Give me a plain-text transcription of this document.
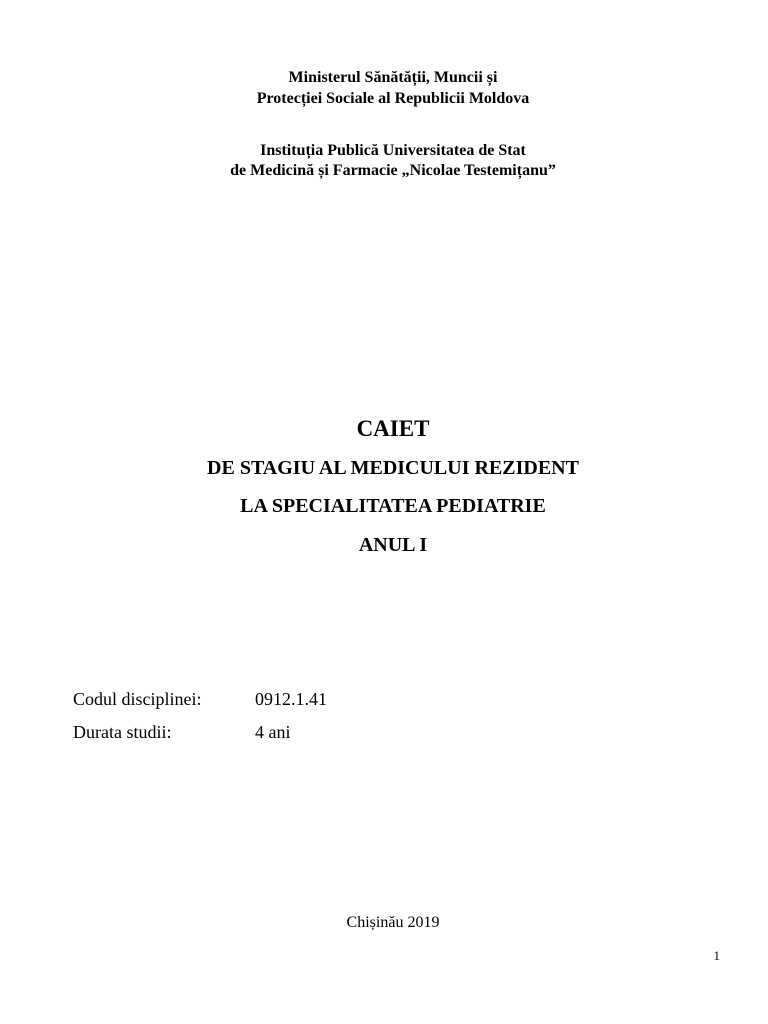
Ministerul Sănătății, Muncii și
Protecției Sociale al Republicii Moldova
Instituția Publică Universitatea de Stat
de Medicină și Farmacie „Nicolae Testemițanu”
CAIET
DE STAGIU AL MEDICULUI REZIDENT
LA SPECIALITATEA PEDIATRIE
ANUL I
Codul disciplinei:	0912.1.41
Durata studii:	4 ani
Chișinău 2019
1
